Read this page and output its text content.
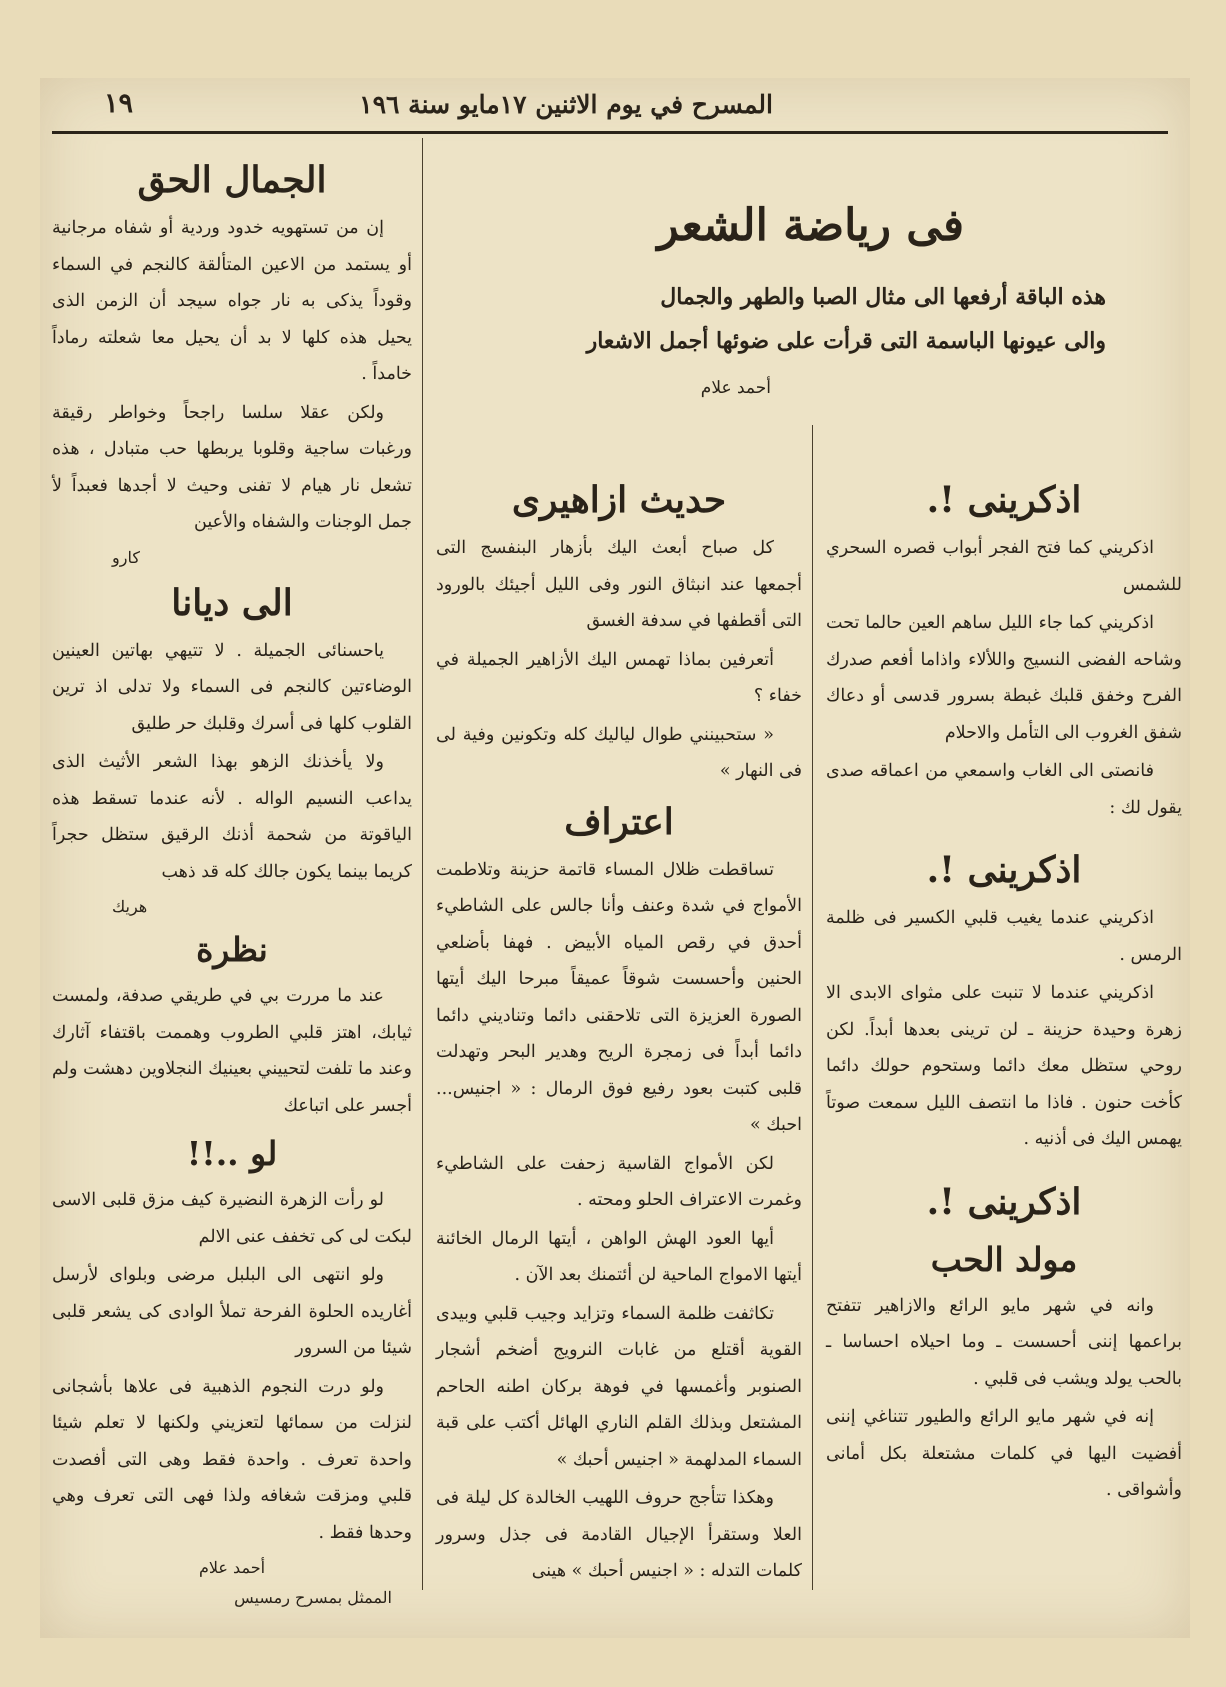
المسرح في يوم الاثنين ١٧مايو سنة ١٩٦
١٩
فى رياضة الشعر
هذه الباقة أرفعها الى مثال الصبا والطهر والجمال
والى عيونها الباسمة التى قرأت على ضوئها أجمل الاشعار
أحمد علام
اذكرينى !.

اذكريني كما فتح الفجر أبواب قصره السحري للشمس

اذكريني كما جاء الليل ساهم العين حالما تحت وشاحه الفضى النسيج واللألاء واذاما أفعم صدرك الفرح وخفق قلبك غبطة بسرور قدسى أو دعاك شفق الغروب الى التأمل والاحلام

فانصتى الى الغاب واسمعي من اعماقه صدى يقول لك :

اذكرينى !.

اذكريني عندما يغيب قلبي الكسير فى ظلمة الرمس .

اذكريني عندما لا تنبت على مثواى الابدى الا زهرة وحيدة حزينة ـ لن ترينى بعدها أبداً. لكن روحي ستظل معك دائما وستحوم حولك دائما كأخت حنون . فاذا ما انتصف الليل سمعت صوتاً يهمس اليك فى أذنيه .

اذكرينى !.
مولد الحب

وانه في شهر مايو الرائع والازاهير تتفتح براعمها إننى أحسست ـ وما احيلاه احساسا ـ بالحب يولد ويشب فى قلبي .

إنه في شهر مايو الرائع والطيور تتناغي إننى أفضيت اليها في كلمات مشتعلة بكل أمانى وأشواقى .

حديث ازاهيرى

كل صباح أبعث اليك بأزهار البنفسج التى أجمعها عند انبثاق النور وفى الليل أجيئك بالورود التى أقطفها في سدفة الغسق

أتعرفين بماذا تهمس اليك الأزاهير الجميلة في خفاء ؟

« ستحبينني طوال لياليك كله وتكونين وفية لى فى النهار »

اعتراف

تساقطت ظلال المساء قاتمة حزينة وتلاطمت الأمواج في شدة وعنف وأنا جالس على الشاطيء أحدق في رقص المياه الأبيض . فهفا بأضلعي الحنين وأحسست شوقاً عميقاً مبرحا اليك أيتها الصورة العزيزة التى تلاحقنى دائما وتناديني دائما دائما أبداً فى زمجرة الريح وهدير البحر وتهدلت قلبى كتبت بعود رفيع فوق الرمال : « اجنيس... احبك »

لكن الأمواج القاسية زحفت على الشاطيء وغمرت الاعتراف الحلو ومحته .

أيها العود الهش الواهن ، أيتها الرمال الخائنة أيتها الامواج الماحية لن أئتمنك بعد الآن .

تكاثفت ظلمة السماء وتزايد وجيب قلبي وبيدى القوية أقتلع من غابات النرويج أضخم أشجار الصنوبر وأغمسها في فوهة بركان اطنه الحاحم المشتعل وبذلك القلم الناري الهائل أكتب على قبة السماء المدلهمة « اجنيس أحبك »

وهكذا تتأجج حروف اللهيب الخالدة كل ليلة فى العلا وستقرأ الإجيال القادمة فى جذل وسرور كلمات التدله : « اجنيس أحبك » هينى

الجمال الحق

إن من تستهويه خدود وردية أو شفاه مرجانية أو يستمد من الاعين المتألقة كالنجم في السماء وقوداً يذكى به نار جواه سيجد أن الزمن الذى يحيل هذه كلها لا بد أن يحيل معا شعلته رماداً خامداً .

ولكن عقلا سلسا راجحاً وخواطر رقيقة ورغبات ساجية وقلوبا يربطها حب متبادل ، هذه تشعل نار هيام لا تفنى وحيث لا أجدها فعبداً لأ جمل الوجنات والشفاه والأعين

كارو
الى ديانا

ياحسنائى الجميلة . لا تتيهي بهاتين العينين الوضاءتين كالنجم فى السماء ولا تدلى اذ ترين القلوب كلها فى أسرك وقلبك حر طليق

ولا يأخذنك الزهو بهذا الشعر الأثيث الذى يداعب النسيم الواله . لأنه عندما تسقط هذه الياقوتة من شحمة أذنك الرقيق ستظل حجراً كريما بينما يكون جالك كله قد ذهب

هريك
نظرة

عند ما مررت بي في طريقي صدفة، ولمست ثيابك، اهتز قلبي الطروب وهممت باقتفاء آثارك وعند ما تلفت لتحييني بعينيك النجلاوين دهشت ولم أجسر على اتباعك

لو ..!!

لو رأت الزهرة النضيرة كيف مزق قلبى الاسى لبكت لى كى تخفف عنى الالم

ولو انتهى الى البلبل مرضى وبلواى لأرسل أغاريده الحلوة الفرحة تملأ الوادى كى يشعر قلبى شيئا من السرور

ولو درت النجوم الذهبية فى علاها بأشجانى لنزلت من سمائها لتعزيني ولكنها لا تعلم شيئا واحدة تعرف . واحدة فقط وهى التى أفصدت قلبي ومزقت شغافه ولذا فهى التى تعرف وهي وحدها فقط .

أحمد علام
الممثل بمسرح رمسيس
